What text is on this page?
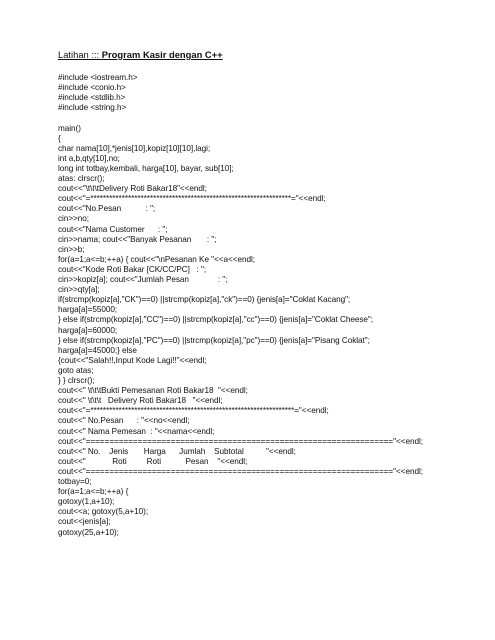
Latihan ::: Program Kasir dengan C++
#include <iostream.h>
#include <conio.h>
#include <stdlib.h>
#include <string.h>
main()
{
char nama[10],*jenis[10],kopiz[10][10],lagi;
int a,b,qty[10],no;
long int totbay,kembali, harga[10], bayar, sub[10];
atas: clrscr();
cout<<"\t\t\tDelivery Roti Bakar18"<<endl;
cout<<"=****************************************************************="<<endl;
cout<<"No.Pesan           : ";
cin>>no;
cout<<"Nama Customer      : ";
cin>>nama; cout<<"Banyak Pesanan       : ";
cin>>b;
for(a=1;a<=b;++a) { cout<<"\nPesanan Ke "<<a<<endl;
cout<<"Kode Roti Bakar [CK/CC/PC]   : ";
cin>>kopiz[a]; cout<<"Jumlah Pesan             : ";
cin>>qty[a];
if(strcmp(kopiz[a],"CK")==0) ||strcmp(kopiz[a],"ck")==0) {jenis[a]="Coklat Kacang";
harga[a]=55000;
} else if(strcmp(kopiz[a],"CC")==0) ||strcmp(kopiz[a],"cc")==0) {jenis[a]="Coklat Cheese";
harga[a]=60000;
} else if(strcmp(kopiz[a],"PC")==0) ||strcmp(kopiz[a],"pc")==0) {jenis[a]="Pisang Coklat";
harga[a]=45000;} else
{cout<<"Salah!!,Input Kode Lagi!!"<<endl;
goto atas;
} } clrscr();
cout<<" \t\t\tBukti Pemesanan Roti Bakar18  "<<endl;
cout<<" \t\t\t   Delivery Roti Bakar18   "<<endl;
cout<<"=*****************************************************************="<<endl;
cout<<" No.Pesan      : "<<no<<endl;
cout<<" Nama Pemesan  : "<<nama<<endl;
cout<<"================================================================="<<endl;
cout<<" No.    Jenis       Harga      Jumlah    Subtotal          "<<endl;
cout<<"            Roti         Roti           Pesan    "<<endl;
cout<<"================================================================="<<endl;
totbay=0;
for(a=1;a<=b;++a) {
gotoxy(1,a+10);
cout<<a; gotoxy(5,a+10);
cout<<jenis[a];
gotoxy(25,a+10);
